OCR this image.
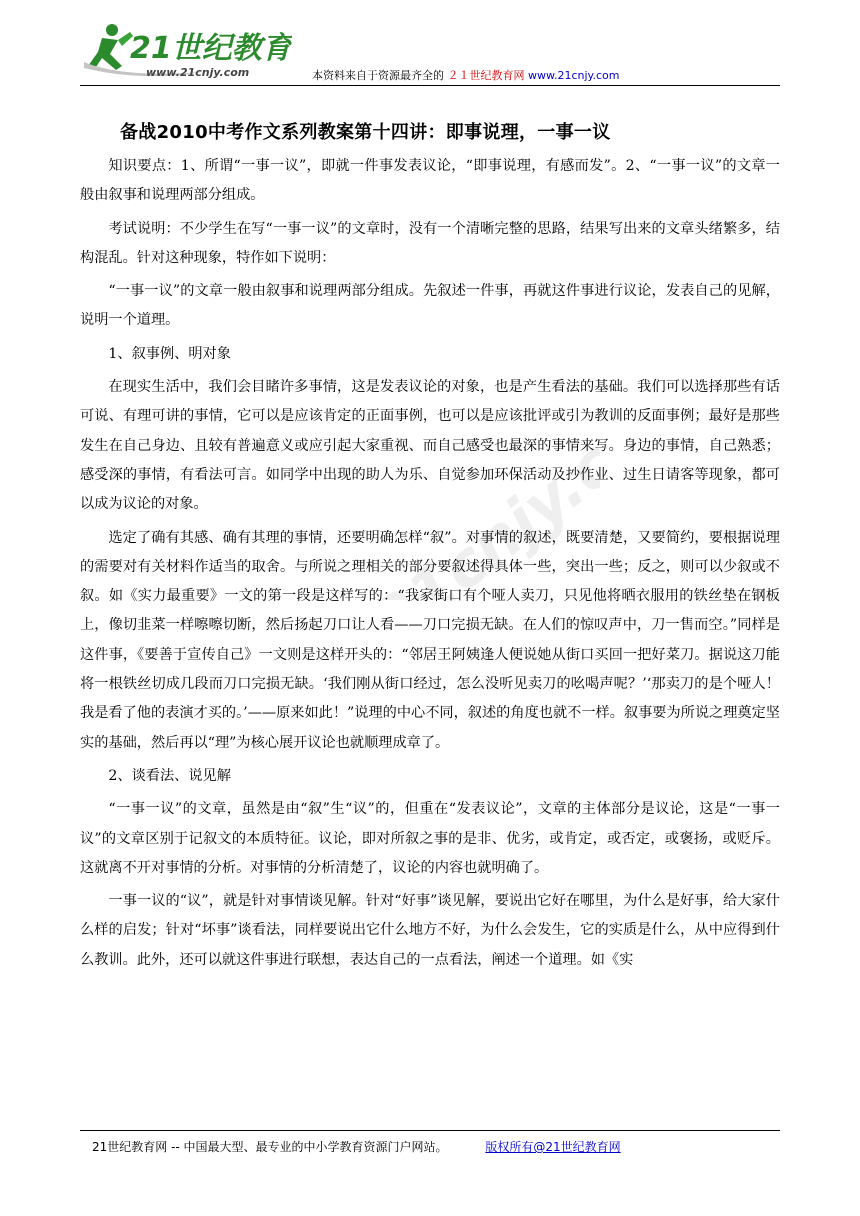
21世纪教育
www.21cnjy.com	本资料来自于资源最齐全的 ２１世纪教育网 www.21cnjy.com
21cnjy.com
备战2010中考作文系列教案第十四讲：即事说理，一事一议

知识要点：1、所谓“一事一议”，即就一件事发表议论，“即事说理，有感而发”。2、“一事一议”的文章一般由叙事和说理两部分组成。

考试说明：不少学生在写“一事一议”的文章时，没有一个清晰完整的思路，结果写出来的文章头绪繁多，结构混乱。针对这种现象，特作如下说明：

“一事一议”的文章一般由叙事和说理两部分组成。先叙述一件事，再就这件事进行议论，发表自己的见解，说明一个道理。

1、叙事例、明对象

在现实生活中，我们会目睹许多事情，这是发表议论的对象，也是产生看法的基础。我们可以选择那些有话可说、有理可讲的事情，它可以是应该肯定的正面事例，也可以是应该批评或引为教训的反面事例；最好是那些发生在自己身边、且较有普遍意义或应引起大家重视、而自己感受也最深的事情来写。身边的事情，自己熟悉；感受深的事情，有看法可言。如同学中出现的助人为乐、自觉参加环保活动及抄作业、过生日请客等现象，都可以成为议论的对象。

选定了确有其感、确有其理的事情，还要明确怎样“叙”。对事情的叙述，既要清楚，又要简约，要根据说理的需要对有关材料作适当的取舍。与所说之理相关的部分要叙述得具体一些，突出一些；反之，则可以少叙或不叙。如《实力最重要》一文的第一段是这样写的：“我家街口有个哑人卖刀，只见他将晒衣服用的铁丝垫在钢板上，像切韭菜一样嚓嚓切断，然后扬起刀口让人看——刀口完损无缺。在人们的惊叹声中，刀一售而空。”同样是这件事，《要善于宣传自己》一文则是这样开头的：“邻居王阿姨逢人便说她从街口买回一把好菜刀。据说这刀能将一根铁丝切成几段而刀口完损无缺。‘我们刚从街口经过，怎么没听见卖刀的吆喝声呢？’‘那卖刀的是个哑人！我是看了他的表演才买的。’——原来如此！”说理的中心不同，叙述的角度也就不一样。叙事要为所说之理奠定坚实的基础，然后再以“理”为核心展开议论也就顺理成章了。

2、谈看法、说见解

“一事一议”的文章，虽然是由“叙”生“议”的，但重在“发表议论”，文章的主体部分是议论，这是“一事一议”的文章区别于记叙文的本质特征。议论，即对所叙之事的是非、优劣，或肯定，或否定，或褒扬，或贬斥。这就离不开对事情的分析。对事情的分析清楚了，议论的内容也就明确了。

一事一议的“议”，就是针对事情谈见解。针对“好事”谈见解，要说出它好在哪里，为什么是好事，给大家什么样的启发；针对“坏事”谈看法，同样要说出它什么地方不好，为什么会发生，它的实质是什么，从中应得到什么教训。此外，还可以就这件事进行联想，表达自己的一点看法，阐述一个道理。如《实

21世纪教育网 -- 中国最大型、最专业的中小学教育资源门户网站。	版权所有@21世纪教育网
